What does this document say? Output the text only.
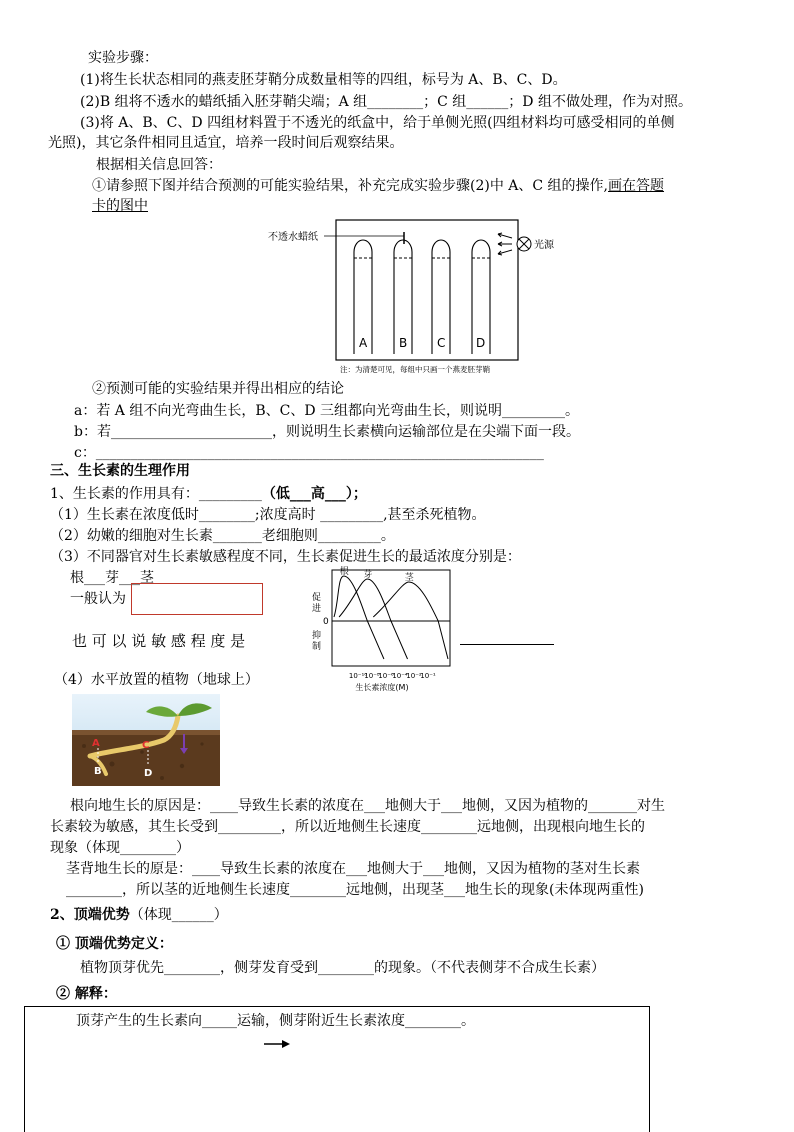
实验步骤：
(1)将生长状态相同的燕麦胚芽鞘分成数量相等的四组，标号为 A、B、C、D。
(2)B 组将不透水的蜡纸插入胚芽鞘尖端；A 组________；C 组______；D 组不做处理，作为对照。
(3)将 A、B、C、D 四组材料置于不透光的纸盒中，给于单侧光照(四组材料均可感受相同的单侧
光照)，其它条件相同且适宜，培养一段时间后观察结果。
根据相关信息回答：
①请参照下图并结合预测的可能实验结果，补充完成实验步骤(2)中 A、C 组的操作,画在答题
卡的图中
不透水蜡纸
A	B C	D
光源
注：为清楚可见，每组中只画一个燕麦胚芽鞘
②预测可能的实验结果并得出相应的结论
a：若 A 组不向光弯曲生长，B、C、D 三组都向光弯曲生长，则说明_________。
b：若_______________________，则说明生长素横向运输部位是在尖端下面一段。
c：________________________________________________________________
三、生长素的生理作用
1、生长素的作用具有：_________（低___高___）；
（1）生长素在浓度低时________;浓度高时 _________,甚至杀死植物。
（2）幼嫩的细胞对生长素_______老细胞则_________。
（3）不同器官对生长素敏感程度不同，生长素促进生长的最适浓度分别是：
根___芽___茎
一般认为
也 可 以 说 敏 感 程 度 是
根 芽	茎
促
进
0
抑
制
10⁻¹⁰
10⁻⁸
10⁻⁶
10⁻⁴
10⁻²
10⁻¹
生长素浓度(M)
（4）水平放置的植物（地球上）
A
B
C
D
根向地生长的原因是：____导致生长素的浓度在___地侧大于___地侧，又因为植物的_______对生
长素较为敏感，其生长受到_________，所以近地侧生长速度________远地侧，出现根向地生长的
现象（体现________）
茎背地生长的原是：____导致生长素的浓度在___地侧大于___地侧，又因为植物的茎对生长素
________，所以茎的近地侧生长速度________远地侧，出现茎___地生长的现象(未体现两重性)
2、顶端优势（体现______）
① 顶端优势定义：
植物顶芽优先________，侧芽发育受到________的现象。（不代表侧芽不合成生长素）
② 解释：
顶芽产生的生长素向_____运输，侧芽附近生长素浓度________。
